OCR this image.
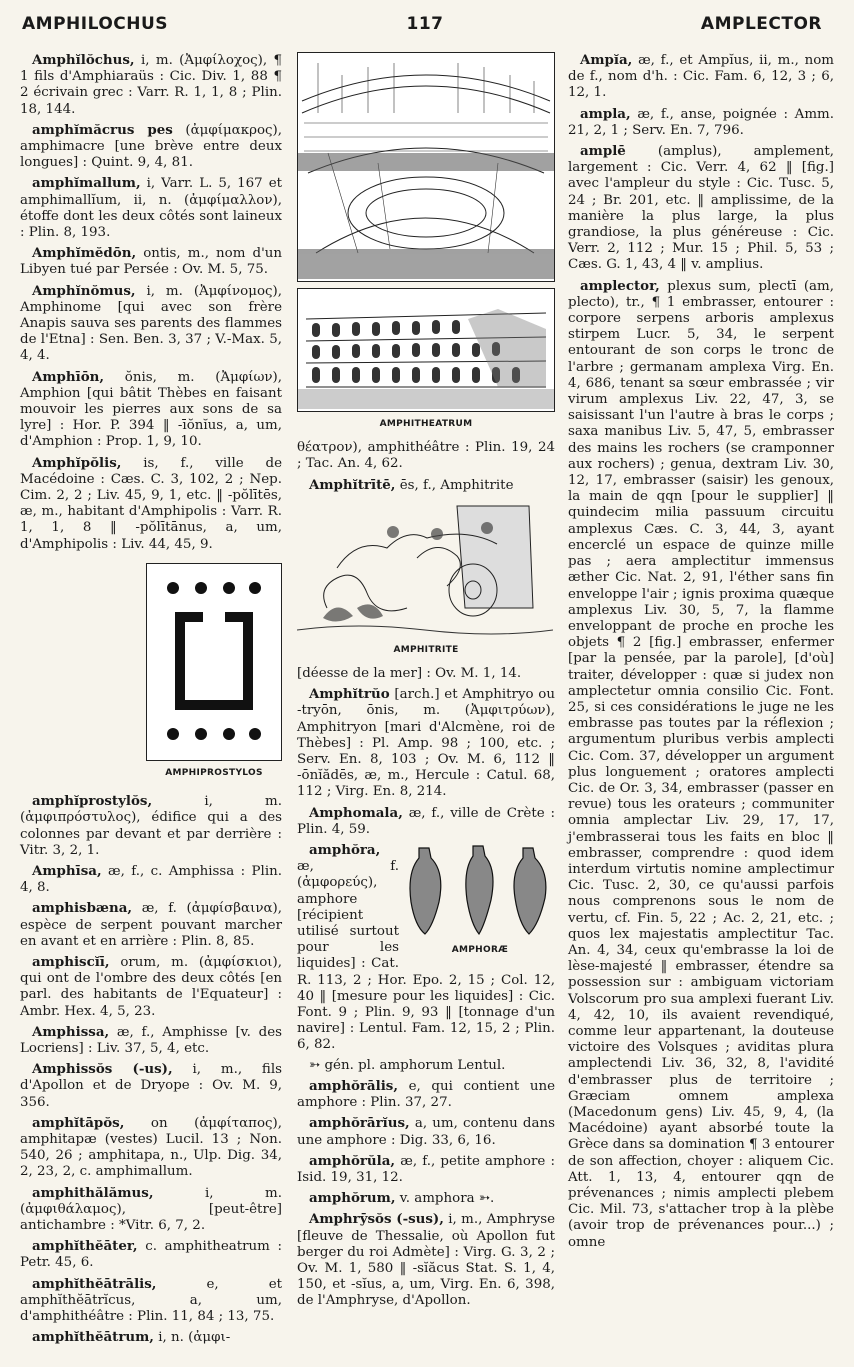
AMPHILOCHUS	117	AMPLECTOR

Amphĭlŏchus, i, m. (Ἀμφίλοχος), ¶ 1 fils d'Amphiaraüs : Cic. Div. 1, 88 ¶ 2 écrivain grec : Varr. R. 1, 1, 8 ; Plin. 18, 144.

amphĭmăcrus pes (ἀμφίμακρος), amphimacre [une brève entre deux longues] : Quint. 9, 4, 81.

amphĭmallum, i, Varr. L. 5, 167 et amphimallĭum, ii, n. (ἀμφίμαλλον), étoffe dont les deux côtés sont laineux : Plin. 8, 193.

Amphĭmĕdōn, ontis, m., nom d'un Libyen tué par Persée : Ov. M. 5, 75.

Amphĭnŏmus, i, m. (Ἀμφίνομος), Amphinome [qui avec son frère Anapis sauva ses parents des flammes de l'Etna] : Sen. Ben. 3, 37 ; V.-Max. 5, 4, 4.

Amphīōn, ŏnis, m. (Ἀμφίων), Amphion [qui bâtit Thèbes en faisant mouvoir les pierres aux sons de sa lyre] : Hor. P. 394 ‖ -īŏnĭus, a, um, d'Amphion : Prop. 1, 9, 10.

Amphĭpŏlis, is, f., ville de Macédoine : Cæs. C. 3, 102, 2 ; Nep. Cim. 2, 2 ; Liv. 45, 9, 1, etc. ‖ -pŏlītēs, æ, m., habitant d'Amphipolis : Varr. R. 1, 1, 8 ‖ -pŏlītānus, a, um, d'Amphipolis : Liv. 44, 45, 9.

AMPHIPROSTYLOS

amphĭprostylŏs,	i, m. (ἀμφιπρόστυλος), édifice qui a des colonnes par devant et par derrière : Vitr. 3, 2, 1.

Amphīsa, æ, f., c. Amphissa : Plin. 4, 8.

amphisbæna, æ, f. (ἀμφίσβαινα), espèce de serpent pouvant marcher en avant et en arrière : Plin. 8, 85.

amphiscĭī, orum, m. (ἀμφίσκιοι), qui ont de l'ombre des deux côtés [en parl. des habitants de l'Equateur] : Ambr. Hex. 4, 5, 23.

Amphissa, æ, f., Amphisse [v. des Locriens] : Liv. 37, 5, 4, etc.

Amphissŏs (-us), i, m., fils d'Apollon et de Dryope : Ov. M. 9, 356.

amphĭtāpŏs, on (ἀμφίταπος), amphitapæ (vestes) Lucil. 13 ; Non. 540, 26 ; amphitapa, n., Ulp. Dig. 34, 2, 23, 2, c. amphimallum.

amphithălămus,	i, m. (ἀμφιθάλαμος), [peut-être] antichambre : *Vitr. 6, 7, 2.

amphĭthĕāter, c. amphitheatrum : Petr. 45, 6.

amphĭthĕātrālis,	e, et amphĭthĕātrĭcus, a, um, d'amphithéâtre : Plin. 11, 84 ; 13, 75.

amphĭthĕātrum, i, n. (ἀμφι-

AMPHITHEATRUM

θέατρον), amphithéâtre : Plin. 19, 24 ; Tac. An. 4, 62.

Amphĭtrītē, ēs, f., Amphitrite

AMPHITRITE

[déesse de la mer] : Ov. M. 1, 14.

Amphĭtrŭo [arch.] et Amphitryo ou -tryōn, ōnis, m. (Ἀμφιτρύων), Amphitryon [mari d'Alcmène, roi de Thèbes] : Pl. Amp. 98 ; 100, etc. ; Serv. En. 8, 103 ; Ov. M. 6, 112 ‖ -ōnĭădēs, æ, m., Hercule : Catul. 68, 112 ; Virg. En. 8, 214.

Amphomala, æ, f., ville de Crète : Plin. 4, 59.

AMPHORÆ

amphŏra, æ, f. (ἀμφορεύς), amphore [récipient utilisé surtout pour les liquides] : Cat. R. 113, 2 ; Hor. Epo. 2, 15 ; Col. 12, 40 ‖ [mesure pour les liquides] : Cic. Font. 9 ; Plin. 9, 93 ‖ [tonnage d'un navire] : Lentul. Fam. 12, 15, 2 ; Plin. 6, 82.

➳ gén. pl. amphorum Lentul.

amphŏrālis, e, qui contient une amphore : Plin. 37, 27.

amphŏrārĭus, a, um, contenu dans une amphore : Dig. 33, 6, 16.

amphŏrŭla, æ, f., petite amphore : Isid. 19, 31, 12.

amphŏrum, v. amphora ➳.

Amphrȳsŏs (-sus), i, m., Amphryse [fleuve de Thessalie, où Apollon fut berger du roi Admète] : Virg. G. 3, 2 ; Ov. M. 1, 580 ‖ -sĭăcus Stat. S. 1, 4, 150, et -sĭus, a, um, Virg. En. 6, 398, de l'Amphryse, d'Apollon.

Ampĭa, æ, f., et Ampĭus, ii, m., nom de f., nom d'h. : Cic. Fam. 6, 12, 3 ; 6, 12, 1.

ampla, æ, f., anse, poignée : Amm. 21, 2, 1 ; Serv. En. 7, 796.

amplē (amplus), amplement, largement : Cic. Verr. 4, 62 ‖ [fig.] avec l'ampleur du style : Cic. Tusc. 5, 24 ; Br. 201, etc. ‖ amplissime, de la manière la plus large, la plus grandiose, la plus généreuse : Cic. Verr. 2, 112 ; Mur. 15 ; Phil. 5, 53 ; Cæs. G. 1, 43, 4 ‖ v. amplius.

amplector, plexus sum, plectī (am, plecto), tr., ¶ 1 embrasser, entourer : corpore serpens arboris amplexus stirpem Lucr. 5, 34, le serpent entourant de son corps le tronc de l'arbre ; germanam amplexa Virg. En. 4, 686, tenant sa sœur embrassée ; vir virum amplexus Liv. 22, 47, 3, se saisissant l'un l'autre à bras le corps ; saxa manibus Liv. 5, 47, 5, embrasser des mains les rochers (se cramponner aux rochers) ; genua, dextram Liv. 30, 12, 17, embrasser (saisir) les genoux, la main de qqn [pour le supplier] ‖ quindecim milia passuum circuitu amplexus Cæs. C. 3, 44, 3, ayant encerclé un espace de quinze mille pas ; aera amplectitur immensus æther Cic. Nat. 2, 91, l'éther sans fin enveloppe l'air ; ignis proxima quæque amplexus Liv. 30, 5, 7, la flamme enveloppant de proche en proche les objets ¶ 2 [fig.] embrasser, enfermer [par la pensée, par la parole], [d'où] traiter, développer : quæ si judex non amplectetur omnia consilio Cic. Font. 25, si ces considérations le juge ne les embrasse pas toutes par la réflexion ; argumentum pluribus verbis amplecti Cic. Com. 37, développer un argument plus longuement ; oratores amplecti Cic. de Or. 3, 34, embrasser (passer en revue) tous les orateurs ; communiter omnia amplectar Liv. 29, 17, 17, j'embrasserai tous les faits en bloc ‖ embrasser, comprendre : quod idem interdum virtutis nomine amplectimur Cic. Tusc. 2, 30, ce qu'aussi parfois nous comprenons sous le nom de vertu, cf. Fin. 5, 22 ; Ac. 2, 21, etc. ; quos lex majestatis amplectitur Tac. An. 4, 34, ceux qu'embrasse la loi de lèse-majesté ‖ embrasser, étendre sa possession sur : ambiguam victoriam Volscorum pro sua amplexi fuerant Liv. 4, 42, 10, ils avaient revendiqué, comme leur appartenant, la douteuse victoire des Volsques ; aviditas plura amplectendi Liv. 36, 32, 8, l'avidité d'embrasser plus de territoire ; Græciam omnem amplexa (Macedonum gens) Liv. 45, 9, 4, (la Macédoine) ayant absorbé toute la Grèce dans sa domination ¶ 3 entourer de son affection, choyer : aliquem Cic. Att. 1, 13, 4, entourer qqn de prévenances ; nimis amplecti plebem Cic. Mil. 73, s'attacher trop à la plèbe (avoir trop de prévenances pour...) ; omne
